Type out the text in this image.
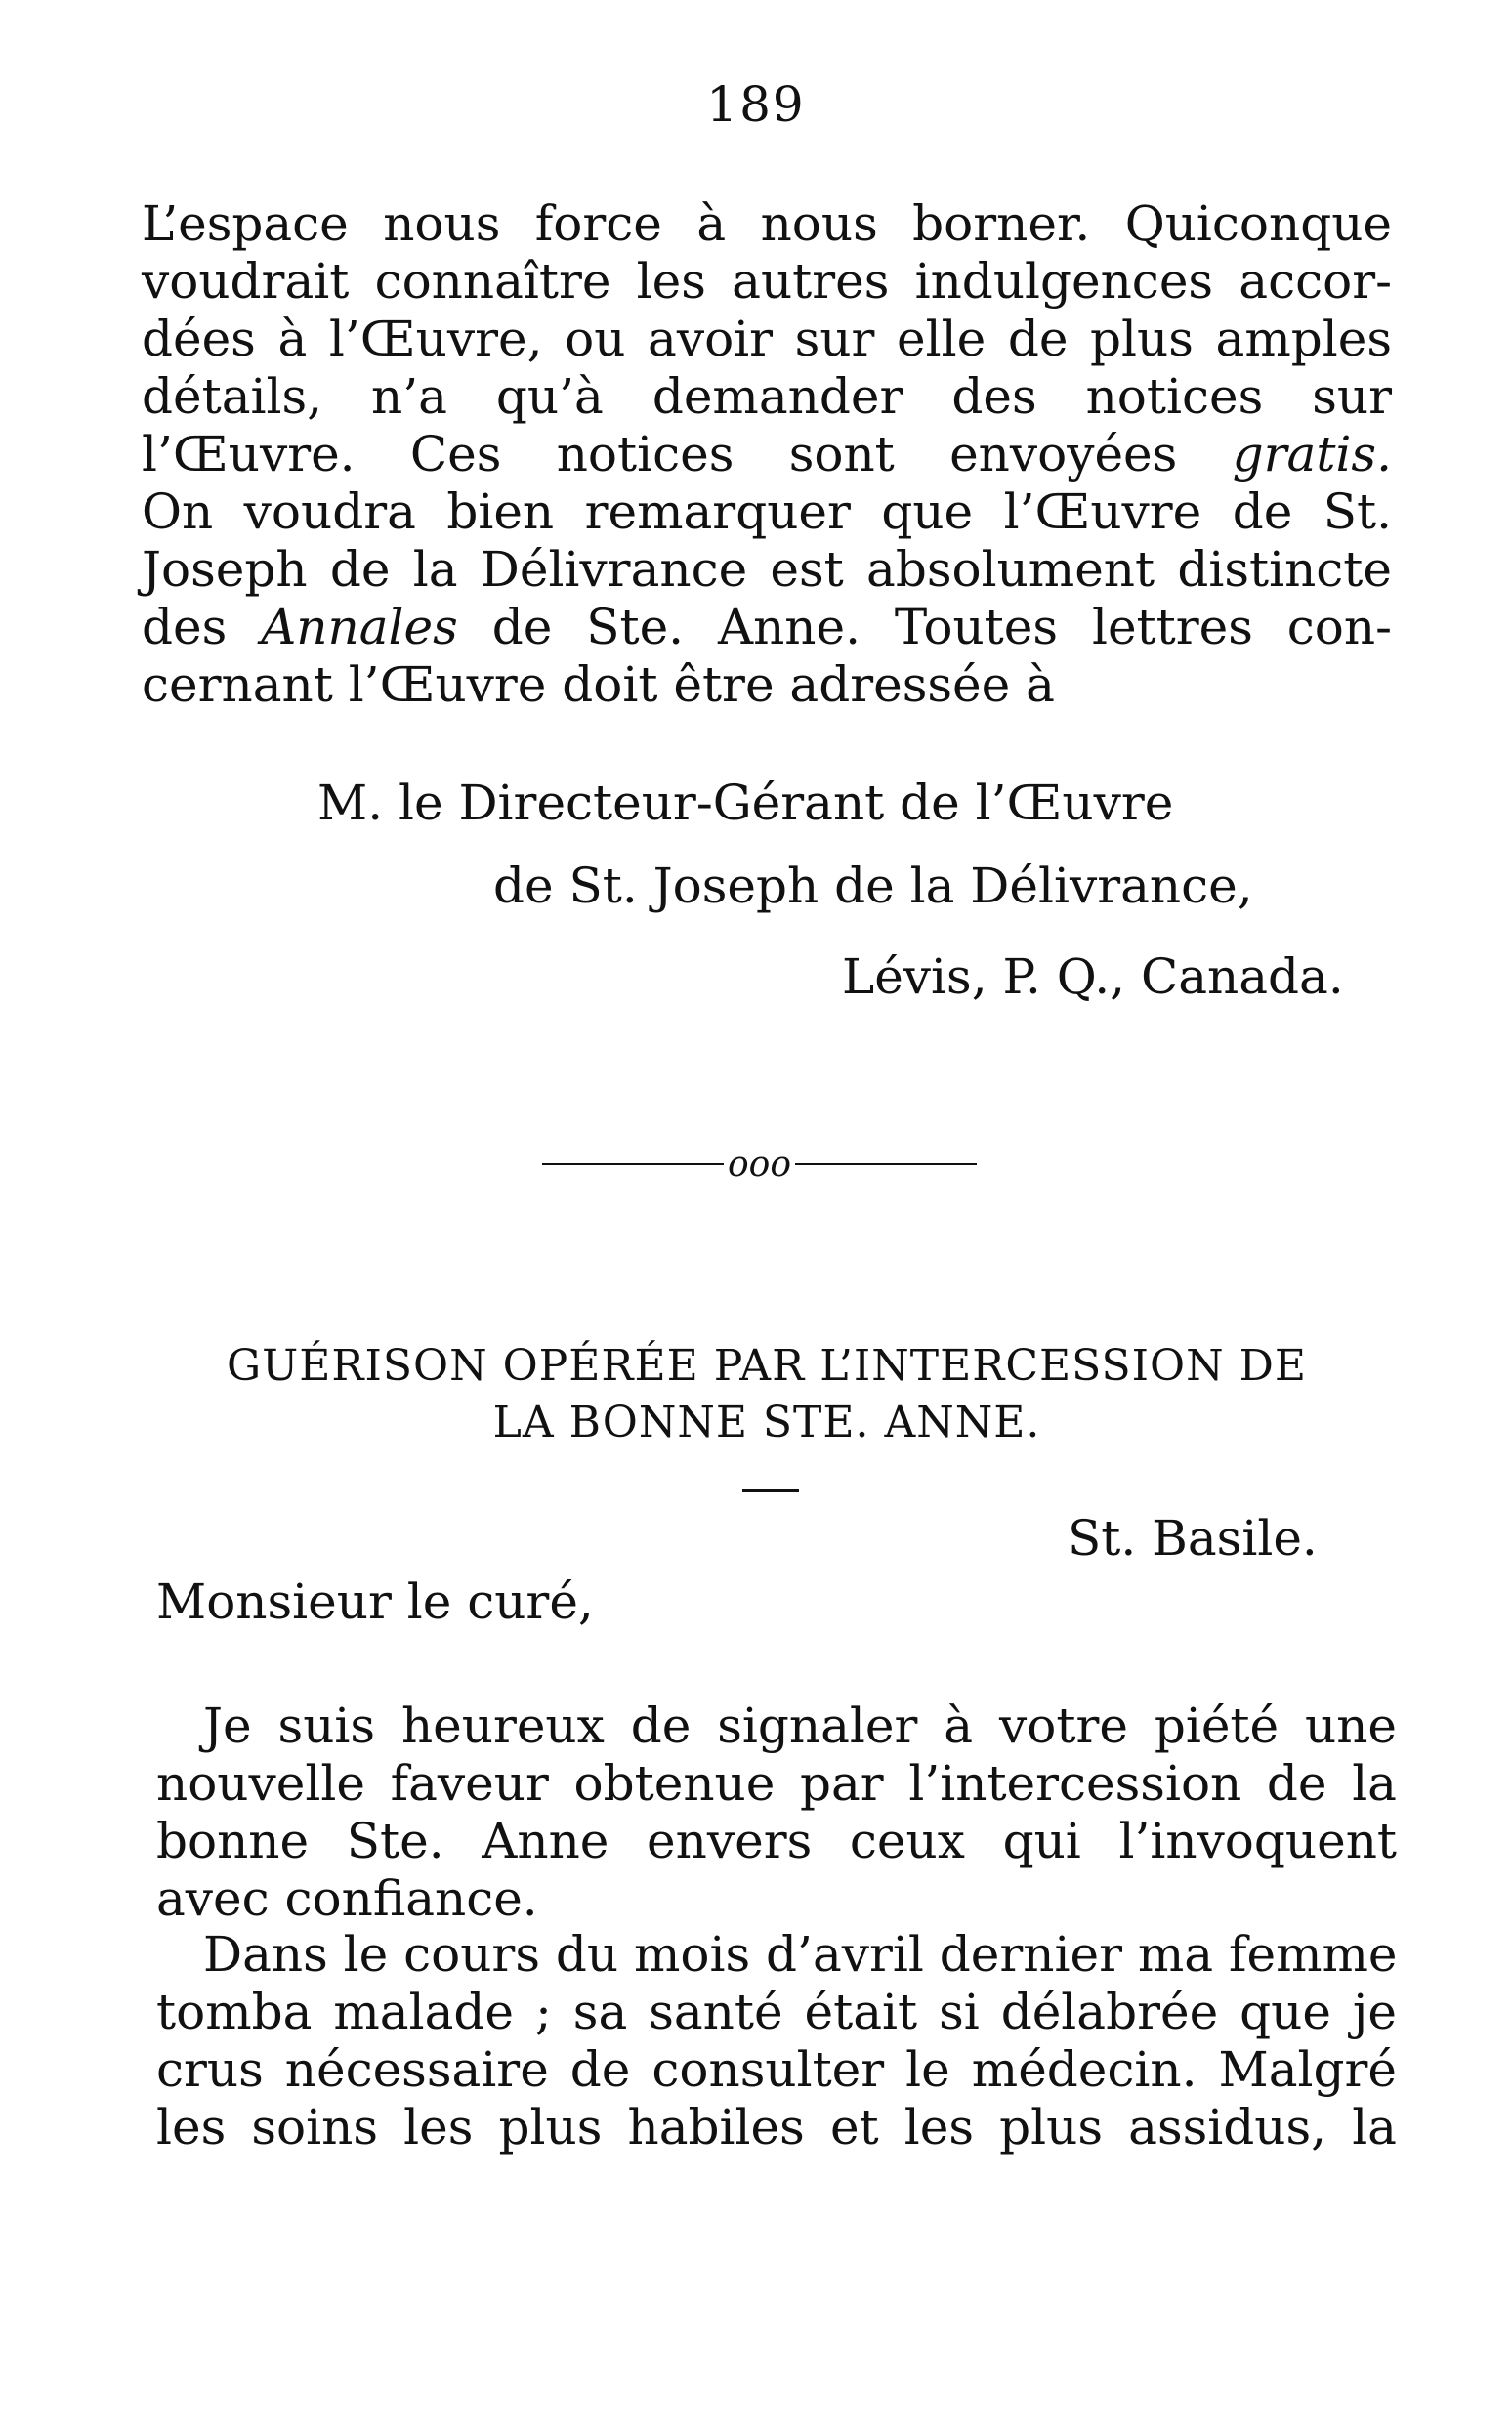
189
L’espace nous force à nous borner. Quiconque
voudrait connaître les autres indulgences accor-
dées à l’Œuvre, ou avoir sur elle de plus amples
détails, n’a qu’à demander des notices sur
l’Œuvre. Ces notices sont envoyées gratis.
On voudra bien remarquer que l’Œuvre de St.
Joseph de la Délivrance est absolument distincte
des Annales de Ste. Anne. Toutes lettres con-
cernant l’Œuvre doit être adressée à
M. le Directeur-Gérant de l’Œuvre
de St. Joseph de la Délivrance,
Lévis, P. Q., Canada.
ooo
GUÉRISON OPÉRÉE PAR L’INTERCESSION DE
LA BONNE STE. ANNE.
St. Basile.
Monsieur le curé,
Je suis heureux de signaler à votre piété une
nouvelle faveur obtenue par l’intercession de la
bonne Ste. Anne envers ceux qui l’invoquent
avec confiance.
Dans le cours du mois d’avril dernier ma femme
tomba malade ; sa santé était si délabrée que je
crus nécessaire de consulter le médecin. Malgré
les soins les plus habiles et les plus assidus, la
